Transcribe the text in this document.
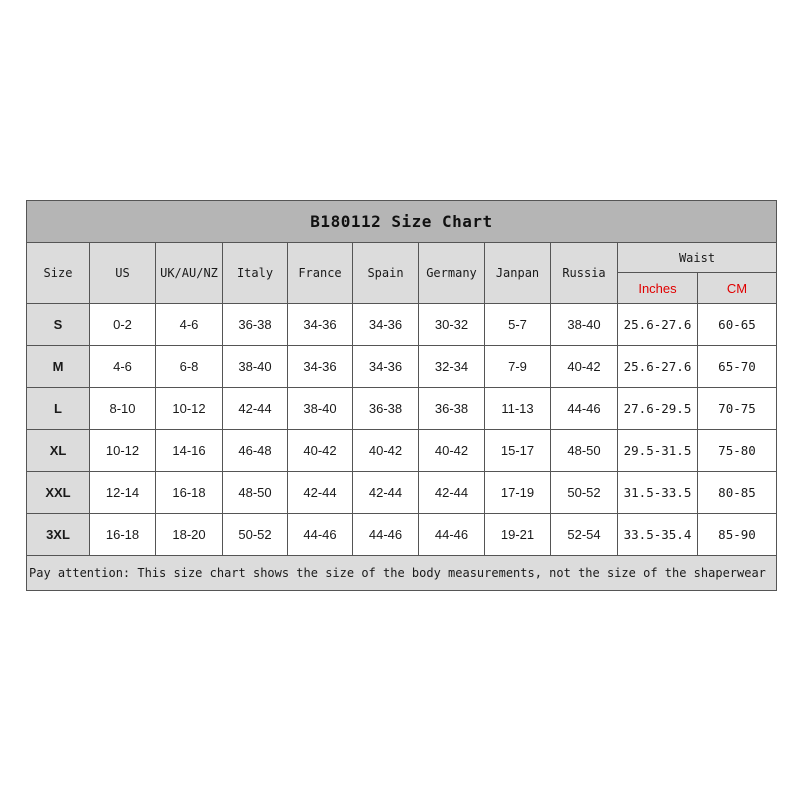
B180112 Size Chart										
Size	US	UK/AU/NZ	Italy	France	Spain	Germany	Janpan	Russia	Waist	
									Inches	CM
S	0-2	4-6	36-38	34-36	34-36	30-32	5-7	38-40	25.6-27.6	60-65
M	4-6	6-8	38-40	34-36	34-36	32-34	7-9	40-42	25.6-27.6	65-70
L	8-10	10-12	42-44	38-40	36-38	36-38	11-13	44-46	27.6-29.5	70-75
XL	10-12	14-16	46-48	40-42	40-42	40-42	15-17	48-50	29.5-31.5	75-80
XXL	12-14	16-18	48-50	42-44	42-44	42-44	17-19	50-52	31.5-33.5	80-85
3XL	16-18	18-20	50-52	44-46	44-46	44-46	19-21	52-54	33.5-35.4	85-90
Pay attention: This size chart shows the size of the body measurements, not the size of the shaperwear										
